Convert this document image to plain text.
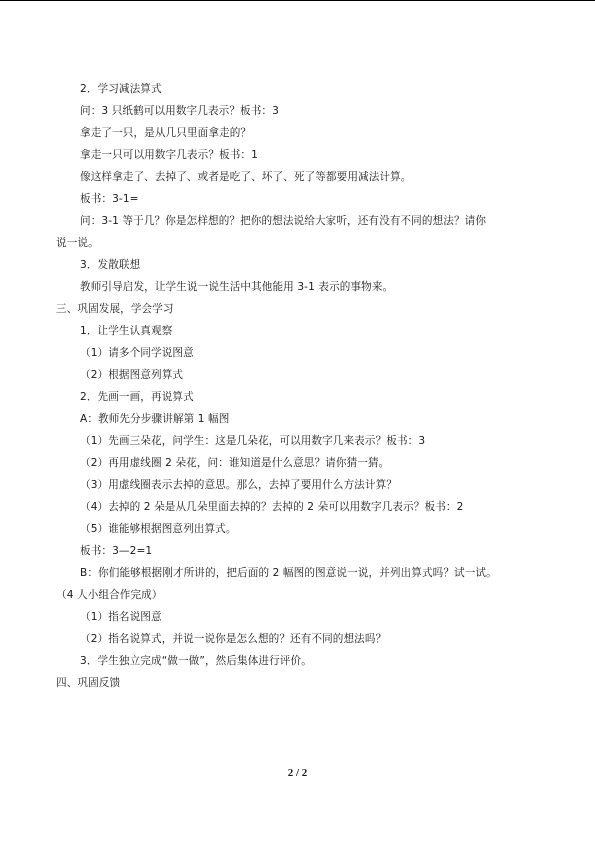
2．学习减法算式
问：3 只纸鹤可以用数字几表示？板书：3
拿走了一只，是从几只里面拿走的？
拿走一只可以用数字几表示？板书：1
像这样拿走了、去掉了、或者是吃了、坏了、死了等都要用减法计算。
板书：3-1=
问：3-1 等于几？你是怎样想的？把你的想法说给大家听，还有没有不同的想法？请你
说一说。
3．发散联想
教师引导启发，让学生说一说生活中其他能用 3-1 表示的事物来。
三、巩固发展，学会学习
1．让学生认真观察
（1）请多个同学说图意
（2）根据图意列算式
2．先画一画，再说算式
A：教师先分步骤讲解第 1 幅图
（1）先画三朵花，问学生：这是几朵花，可以用数字几来表示？板书：3
（2）再用虚线圈 2 朵花，问：谁知道是什么意思？请你猜一猜。
（3）用虚线圈表示去掉的意思。那么，去掉了要用什么方法计算？
（4）去掉的 2 朵是从几朵里面去掉的？去掉的 2 朵可以用数字几表示？板书：2
（5）谁能够根据图意列出算式。
板书：3—2=1
B：你们能够根据刚才所讲的，把后面的 2 幅图的图意说一说，并列出算式吗？试一试。
（4 人小组合作完成）
（1）指名说图意
（2）指名说算式，并说一说你是怎么想的？还有不同的想法吗？
3．学生独立完成“做一做”，然后集体进行评价。
四、巩固反馈
2 / 2
